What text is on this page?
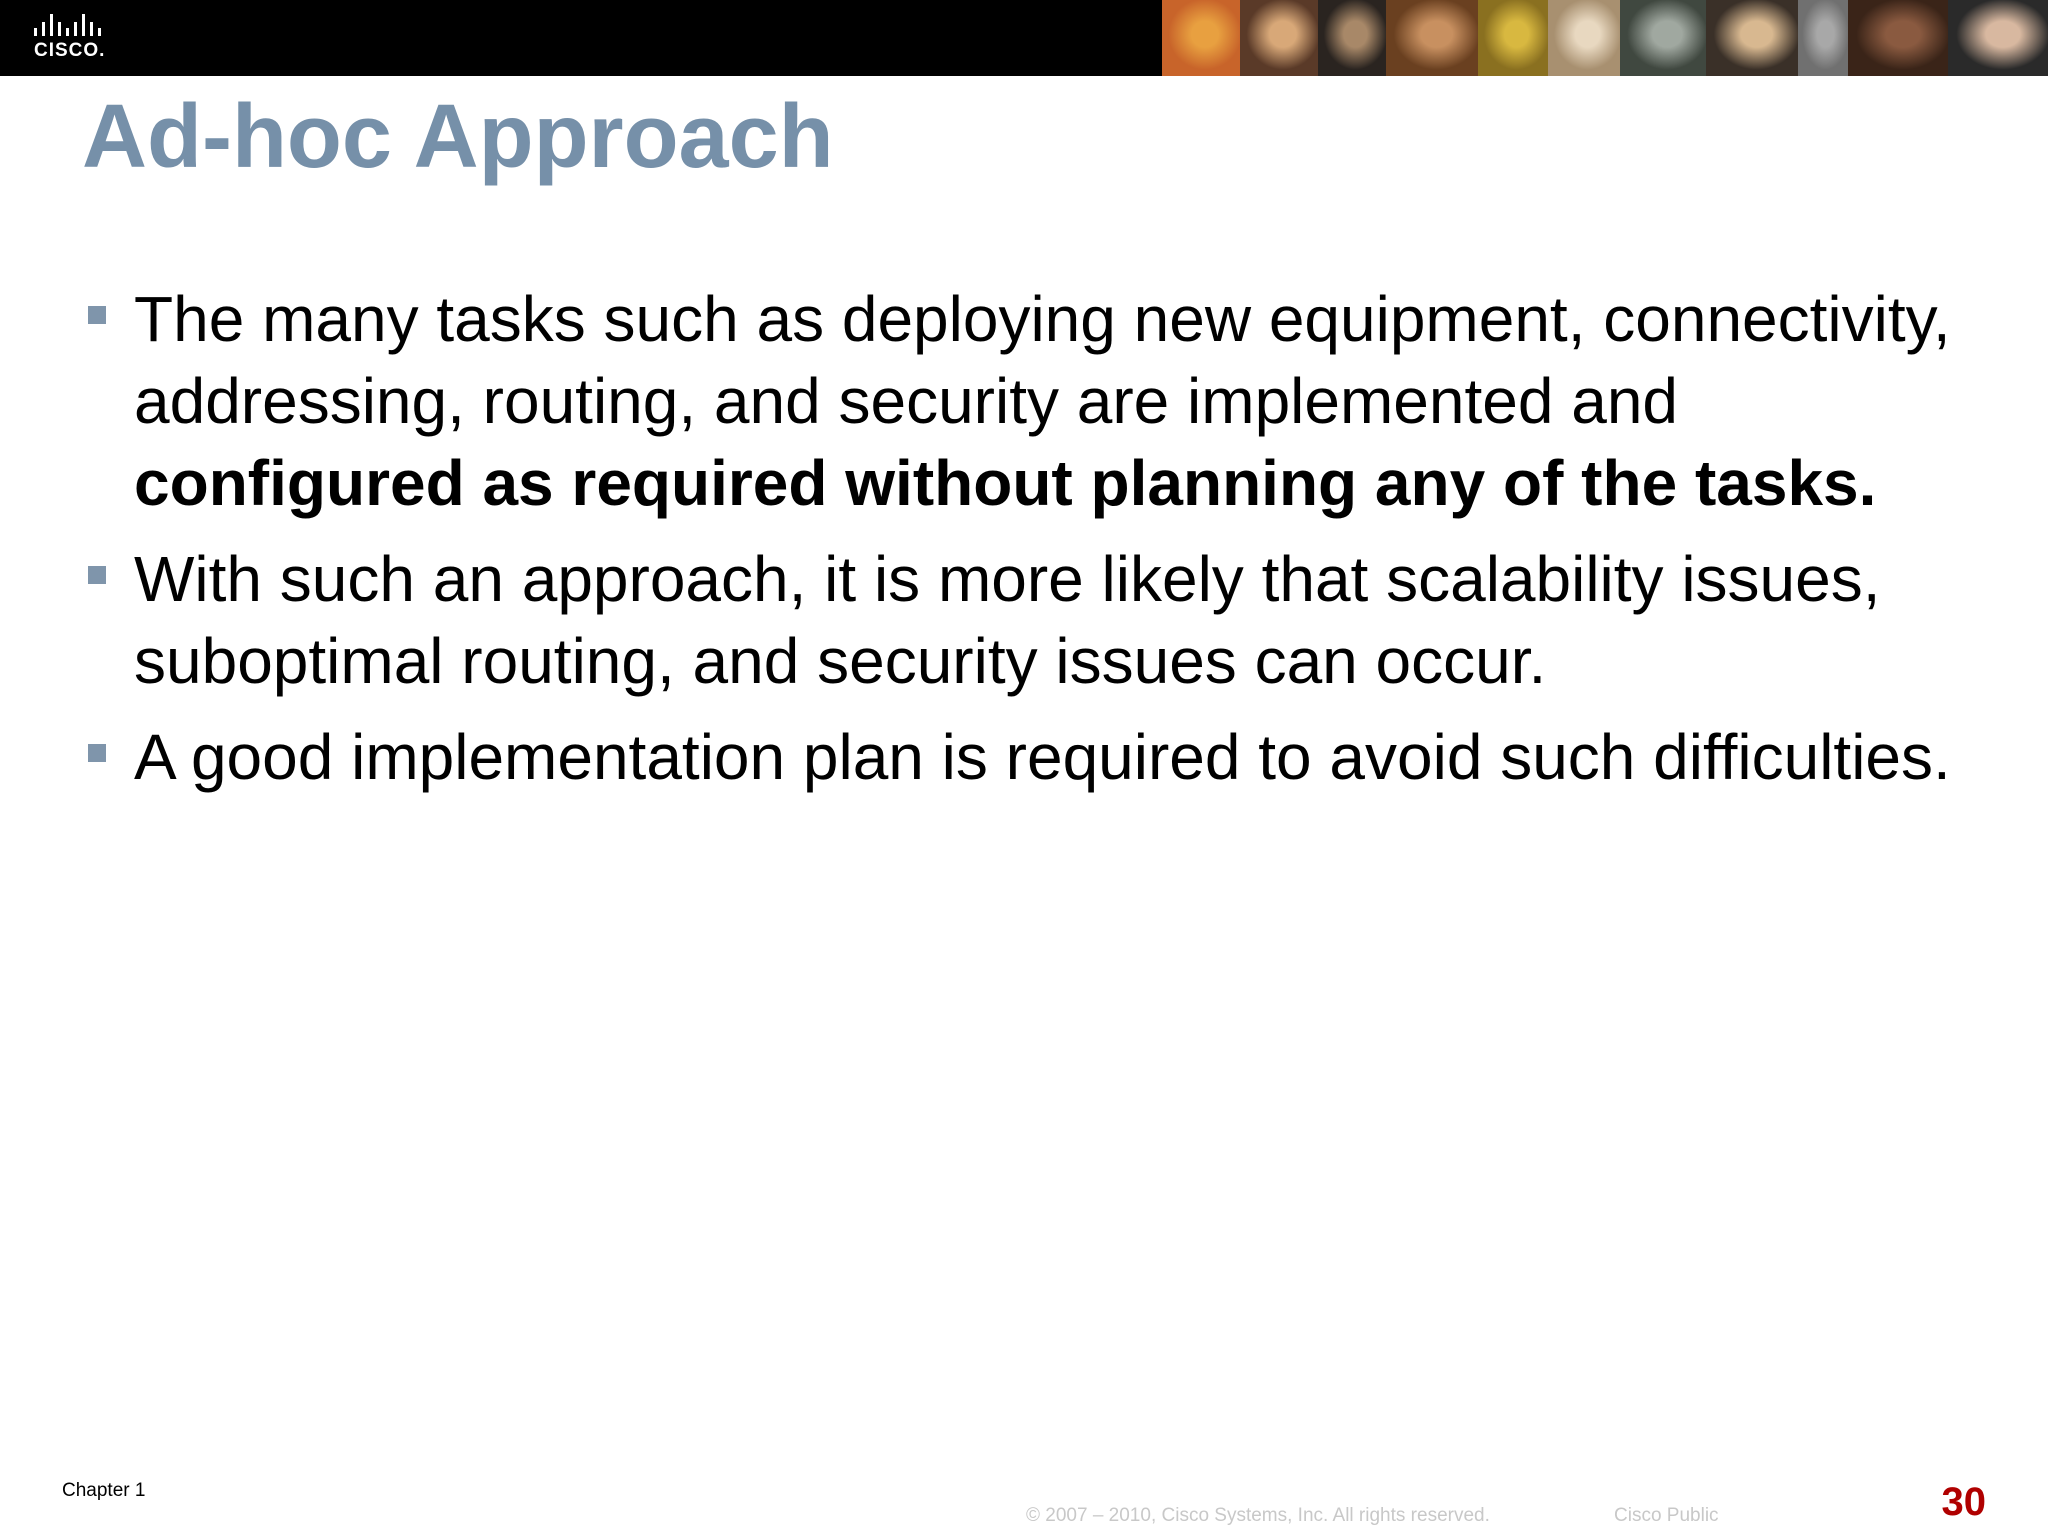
CISCO.
Ad-hoc Approach
The many tasks such as deploying new equipment, connectivity, addressing, routing, and security are implemented and configured as required without planning any of the tasks.
With such an approach, it is more likely that scalability issues, suboptimal routing, and security issues can occur.
A good implementation plan is required to avoid such difficulties.
Chapter 1
© 2007 – 2010, Cisco Systems, Inc. All rights reserved.	Cisco Public	30
